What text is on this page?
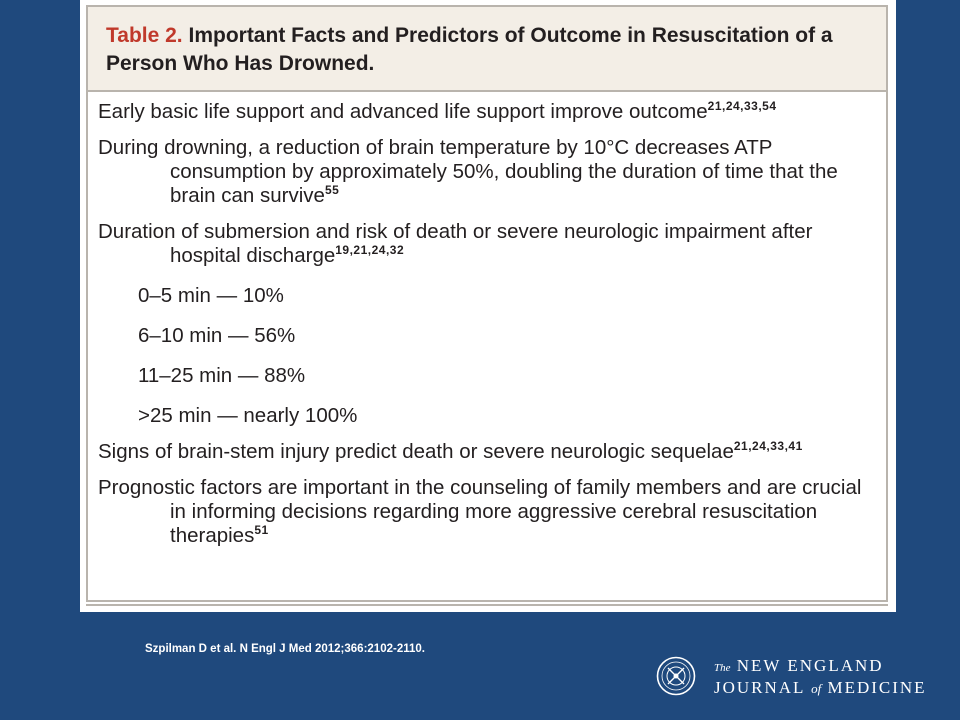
Table 2. Important Facts and Predictors of Outcome in Resuscitation of a Person Who Has Drowned.
Early basic life support and advanced life support improve outcome$^{21,24,33,54}$
During drowning, a reduction of brain temperature by 10°C decreases ATP consumption by approximately 50%, doubling the duration of time that the brain can survive$^{55}$
Duration of submersion and risk of death or severe neurologic impairment after hospital discharge$^{19,21,24,32}$
0–5 min — 10%
6–10 min — 56%
11–25 min — 88%
>25 min — nearly 100%
Signs of brain-stem injury predict death or severe neurologic sequelae$^{21,24,33,41}$
Prognostic factors are important in the counseling of family members and are crucial in informing decisions regarding more aggressive cerebral resuscitation therapies$^{51}$
Szpilman D et al. N Engl J Med 2012;366:2102-2110.
The NEW ENGLAND
JOURNAL of MEDICINE
